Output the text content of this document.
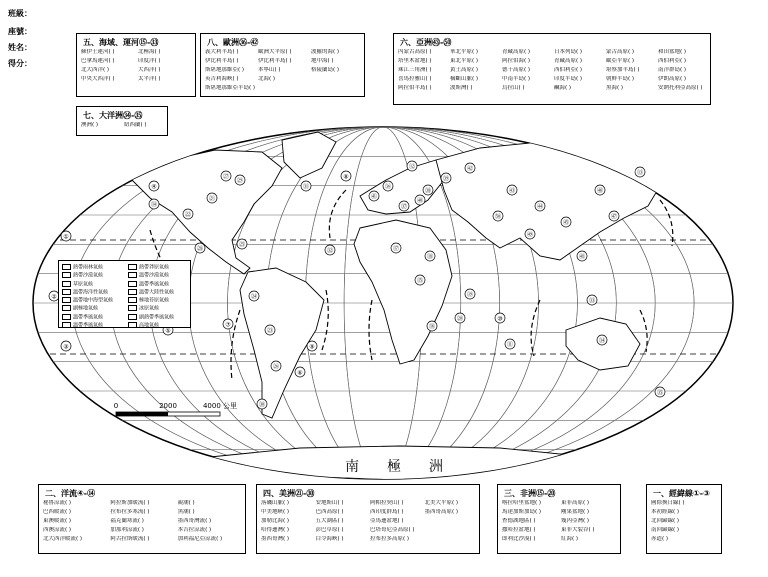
班級：
座號：
姓名：
得分：
①
②
③
④
⑤
⑥
⑦
⑧
⑨
⑩
⑪
⑫
⑬
⑭
⑮
⑯
⑰
⑱
⑲
⑳
㉑
㉒
㉓
㉔
㉕
㉖
㉗
㉘
㉙
㉚
㉛
㉜
㉝
㉞
㉟
㊱
㊲
㊳
㊴
㊵
㊶
㊷
㊸
㊹
㊺
㊻
㊼
㊽
㊾
㊿
南　　極　　洲
0	2000	4000 公里
熱帶雨林氣候	熱帶莽原氣候
熱帶沙漠氣候	溫帶沙漠氣候
草原氣候	溫帶季風氣候
溫帶海洋性氣候	溫帶大陸性氣候
溫帶地中海型氣候	極地苔原氣候
副極地氣候	冰原氣候
溫帶季風氣候	副熱帶季風氣候
溫帶季風氣候	高地氣候
五、海域、運河⑮-㉝
蘇伊士運河( )	北極海( )
巴拿馬運河( )	印度洋( )
北大西洋( )	大西洋( )
中央大西洋( )	太平洋( )
七、大洋洲㉞-㉟
澳洲( )	紐西蘭( )
八、歐洲㊱-㊷
義大利半島( )	歐洲大平原( )	波羅的海( )
伊比利半島( )	伊比利半島( )	地中海( )
斯堪地那維亞( )	本寧山( )	格陵蘭島( )
英吉利海峽( )	北海( )
斯堪地那維亞半島( )
六、亞洲㊸-㊿
內蒙古高原( )	華北平原( )	青藏高原( )	日本列島( )	蒙古高原( )	和田盆地( )
塔里木盆地( )	東北平原( )	阿拉伯海( )	青藏高原( )	歐亞平原( )	西伯利亞( )
珠江三角洲( )	黃土高原( )	德干高原( )	西伯利亞( )	堪察加半島( )	南洋群島( )
喜馬拉雅山( )	橫斷山脈( )	中南半島( )	印度半島( )	朝鮮半島( )	伊朗高原( )
阿拉伯半島( )	波斯灣( )	烏拉山( )	鹹海( )	黑海( )	安納托利亞高原( )
二、洋流④-⑭
秘魯涼流( )	阿拉斯加暖流( )	親潮( )
巴西暖流( )	拉布拉多寒流( )	黑潮( )
東澳暖流( )	福克蘭寒流( )	墨西哥灣流( )
西澳涼流( )	加那利涼流( )	本吉拉涼流( )
北大西洋暖流( )	阿古拉斯暖流( )	加利福尼亞涼流( )
四、美洲㉑-㉚
落磯山脈( )	安地斯山( )	阿帕拉契山( )	北美大平原( )
中美地峽( )	巴西高原( )	西印度群島( )	墨西哥高原( )
加勒比海( )	五大湖區( )	亞馬遜盆地( )
哈得遜灣( )	彭巴草原( )	巴塔哥尼亞高原( )
墨西哥灣( )	白令海峽( )	拉布拉多高原( )
三、非洲⑮-⑳
喀拉哈里盆地( )	東非高原( )
馬達加斯加島( )	剛果盆地( )
查德湖地區( )	幾內亞灣( )
撒哈拉盆地( )	東非大裂谷( )
即利比沙漠( )	紅海( )
一、經緯線①-③
國際換日線( )
本初經線( )
北回歸線( )
南回歸線( )
赤道( )
